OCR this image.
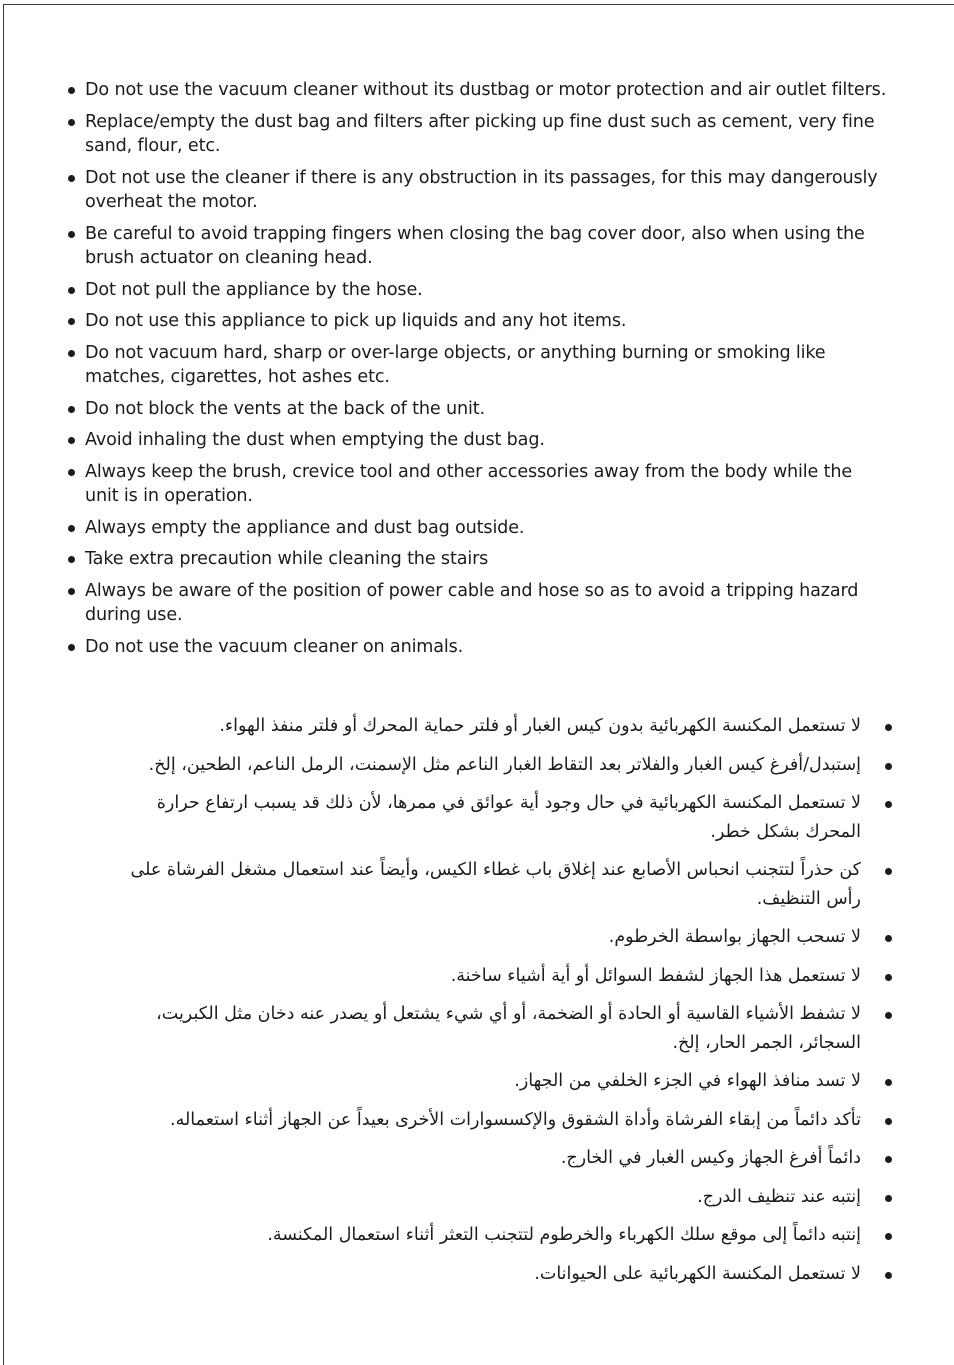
Do not use the vacuum cleaner without its dustbag or motor protection and air outlet filters.
Replace/empty the dust bag and filters after picking up fine dust such as cement, very fine sand, flour, etc.
Dot not use the cleaner if there is any obstruction in its passages, for this may dangerously overheat the motor.
Be careful to avoid trapping fingers when closing the bag cover door, also when using the brush actuator on cleaning head.
Dot not pull the appliance by the hose.
Do not use this appliance to pick up liquids and any hot items.
Do not vacuum hard, sharp or over-large objects, or anything burning or smoking like matches, cigarettes, hot ashes etc.
Do not block the vents at the back of the unit.
Avoid inhaling the dust when emptying the dust bag.
Always keep the brush, crevice tool and other accessories away from the body while the unit is in operation.
Always empty the appliance and dust bag outside.
Take extra precaution while cleaning the stairs
Always be aware of the position of power cable and hose so as to avoid a tripping hazard during use.
Do not use the vacuum cleaner on animals.
لا تستعمل المكنسة الكهربائية بدون كيس الغبار أو فلتر حماية المحرك أو فلتر منفذ الهواء.
إستبدل/أفرغ كيس الغبار والفلاتر بعد التقاط الغبار الناعم مثل الإسمنت، الرمل الناعم، الطحين، إلخ.
لا تستعمل المكنسة الكهربائية في حال وجود أية عوائق في ممرها، لأن ذلك قد يسبب ارتفاع حرارة المحرك بشكل خطر.
كن حذراً لتتجنب انحباس الأصابع عند إغلاق باب غطاء الكيس، وأيضاً عند استعمال مشغل الفرشاة على رأس التنظيف.
لا تسحب الجهاز بواسطة الخرطوم.
لا تستعمل هذا الجهاز لشفط السوائل أو أية أشياء ساخنة.
لا تشفط الأشياء القاسية أو الحادة أو الضخمة، أو أي شيء يشتعل أو يصدر عنه دخان مثل الكبريت، السجائر، الجمر الحار، إلخ.
لا تسد منافذ الهواء في الجزء الخلفي من الجهاز.
تأكد دائماً من إبقاء الفرشاة وأداة الشقوق والإكسسوارات الأخرى بعيداً عن الجهاز أثناء استعماله.
دائماً أفرغ الجهاز وكيس الغبار في الخارج.
إنتبه عند تنظيف الدرج.
إنتبه دائماً إلى موقع سلك الكهرباء والخرطوم لتتجنب التعثر أثناء استعمال المكنسة.
لا تستعمل المكنسة الكهربائية على الحيوانات.
